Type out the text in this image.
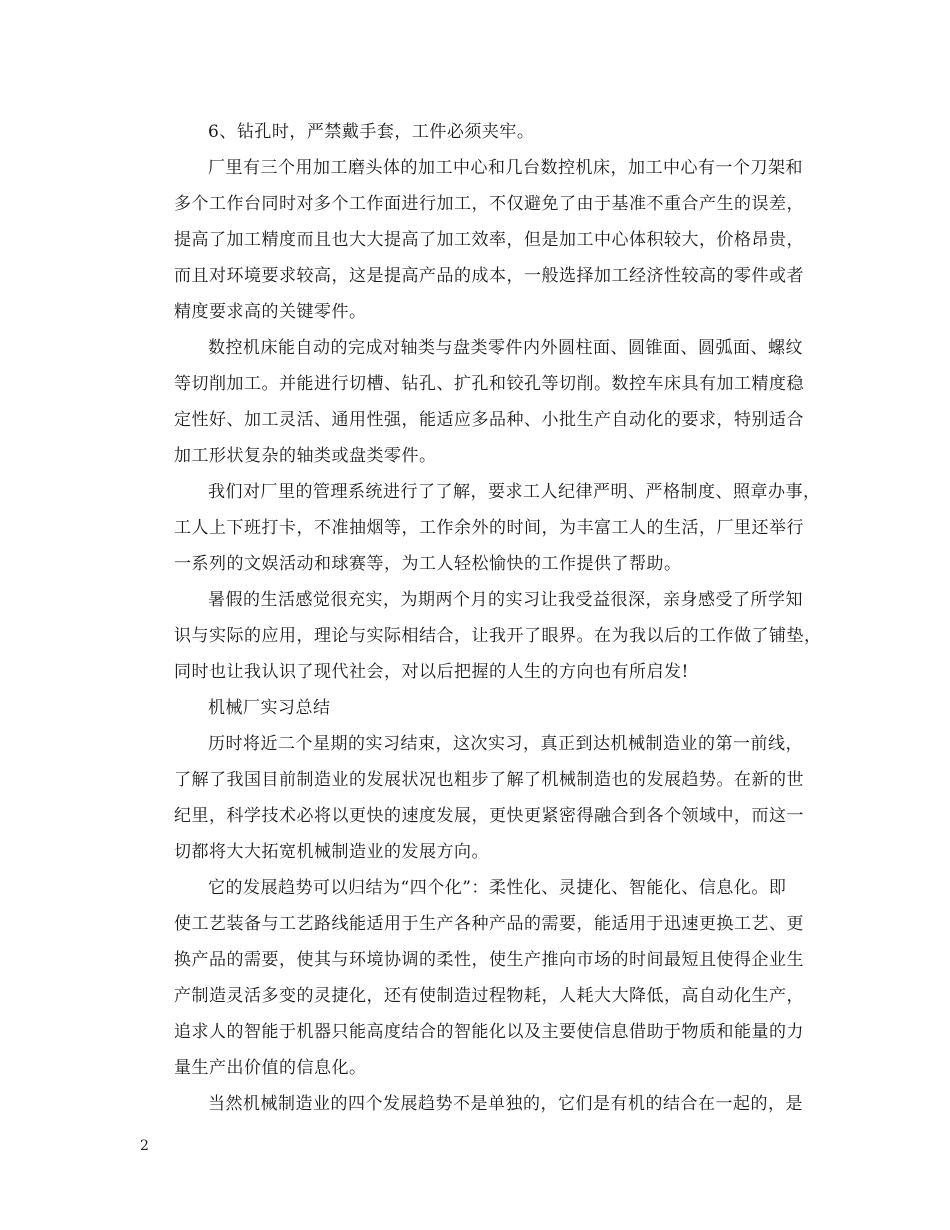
6、钻孔时，严禁戴手套，工件必须夹牢。
厂里有三个用加工磨头体的加工中心和几台数控机床，加工中心有一个刀架和
多个工作台同时对多个工作面进行加工，不仅避免了由于基准不重合产生的误差，
提高了加工精度而且也大大提高了加工效率，但是加工中心体积较大，价格昂贵，
而且对环境要求较高，这是提高产品的成本，一般选择加工经济性较高的零件或者
精度要求高的关键零件。
数控机床能自动的完成对轴类与盘类零件内外圆柱面、圆锥面、圆弧面、螺纹
等切削加工。并能进行切槽、钻孔、扩孔和铰孔等切削。数控车床具有加工精度稳
定性好、加工灵活、通用性强，能适应多品种、小批生产自动化的要求，特别适合
加工形状复杂的轴类或盘类零件。
我们对厂里的管理系统进行了了解，要求工人纪律严明、严格制度、照章办事，
工人上下班打卡，不准抽烟等，工作余外的时间，为丰富工人的生活，厂里还举行
一系列的文娱活动和球赛等，为工人轻松愉快的工作提供了帮助。
暑假的生活感觉很充实，为期两个月的实习让我受益很深，亲身感受了所学知
识与实际的应用，理论与实际相结合，让我开了眼界。在为我以后的工作做了铺垫，
同时也让我认识了现代社会，对以后把握的人生的方向也有所启发!
机械厂实习总结
历时将近二个星期的实习结束，这次实习，真正到达机械制造业的第一前线，
了解了我国目前制造业的发展状况也粗步了解了机械制造也的发展趋势。在新的世
纪里，科学技术必将以更快的速度发展，更快更紧密得融合到各个领域中，而这一
切都将大大拓宽机械制造业的发展方向。
它的发展趋势可以归结为“四个化”：柔性化、灵捷化、智能化、信息化。即
使工艺装备与工艺路线能适用于生产各种产品的需要，能适用于迅速更换工艺、更
换产品的需要，使其与环境协调的柔性，使生产推向市场的时间最短且使得企业生
产制造灵活多变的灵捷化，还有使制造过程物耗，人耗大大降低，高自动化生产，
追求人的智能于机器只能高度结合的智能化以及主要使信息借助于物质和能量的力
量生产出价值的信息化。
当然机械制造业的四个发展趋势不是单独的，它们是有机的结合在一起的，是
2
